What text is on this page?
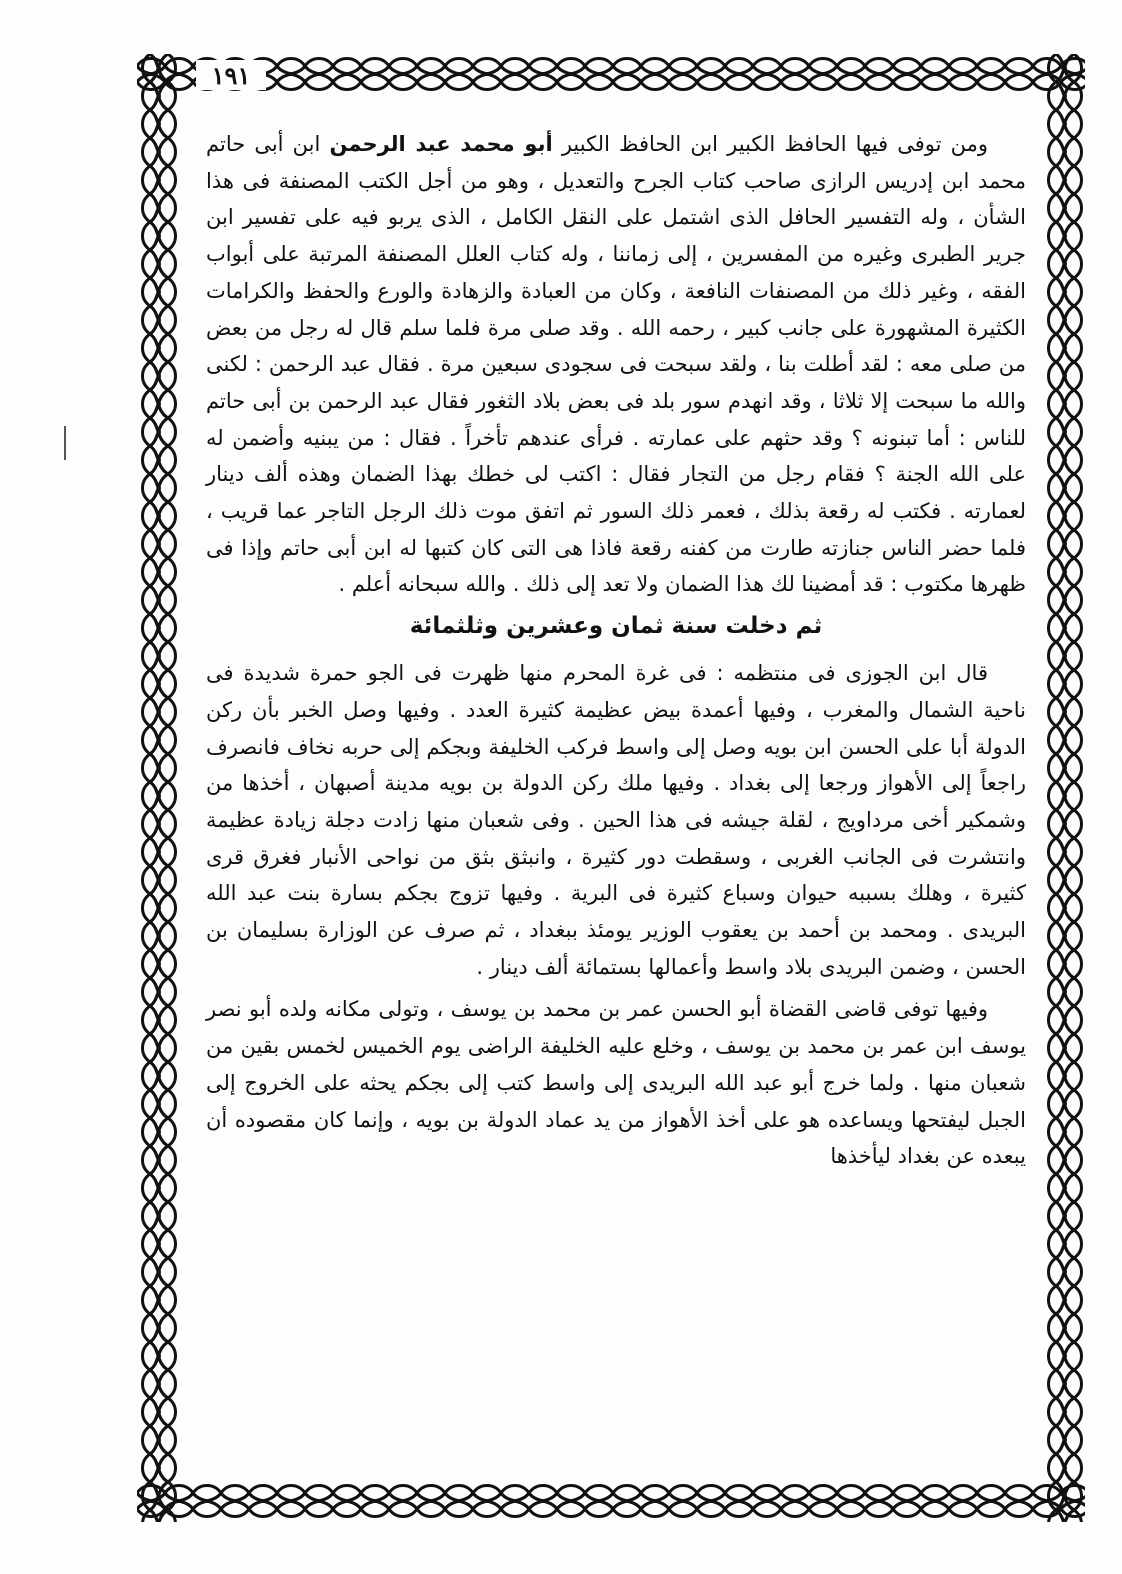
١٩١

ومن توفى فيها الحافظ الكبير ابن الحافظ الكبير أبو محمد عبد الرحمن ابن أبى حاتم محمد ابن إدريس الرازى صاحب كتاب الجرح والتعديل ، وهو من أجل الكتب المصنفة فى هذا الشأن ، وله التفسير الحافل الذى اشتمل على النقل الكامل ، الذى يربو فيه على تفسير ابن جرير الطبرى وغيره من المفسرين ، إلى زماننا ، وله كتاب العلل المصنفة المرتبة على أبواب الفقه ، وغير ذلك من المصنفات النافعة ، وكان من العبادة والزهادة والورع والحفظ والكرامات الكثيرة المشهورة على جانب كبير ، رحمه الله . وقد صلى مرة فلما سلم قال له رجل من بعض من صلى معه : لقد أطلت بنا ، ولقد سبحت فى سجودى سبعين مرة . فقال عبد الرحمن : لكنى والله ما سبحت إلا ثلاثا ، وقد انهدم سور بلد فى بعض بلاد الثغور فقال عبد الرحمن بن أبى حاتم للناس : أما تبنونه ؟ وقد حثهم على عمارته . فرأى عندهم تأخراً . فقال : من يبنيه وأضمن له على الله الجنة ؟ فقام رجل من التجار فقال : اكتب لى خطك بهذا الضمان وهذه ألف دينار لعمارته . فكتب له رقعة بذلك ، فعمر ذلك السور ثم اتفق موت ذلك الرجل التاجر عما قريب ، فلما حضر الناس جنازته طارت من كفنه رقعة فاذا هى التى كان كتبها له ابن أبى حاتم وإذا فى ظهرها مكتوب : قد أمضينا لك هذا الضمان ولا تعد إلى ذلك . والله سبحانه أعلم .

ثم دخلت سنة ثمان وعشرين وثلثمائة

قال ابن الجوزى فى منتظمه : فى غرة المحرم منها ظهرت فى الجو حمرة شديدة فى ناحية الشمال والمغرب ، وفيها أعمدة بيض عظيمة كثيرة العدد . وفيها وصل الخبر بأن ركن الدولة أبا على الحسن ابن بويه وصل إلى واسط فركب الخليفة وبجكم إلى حربه نخاف فانصرف راجعاً إلى الأهواز ورجعا إلى بغداد . وفيها ملك ركن الدولة بن بويه مدينة أصبهان ، أخذها من وشمكير أخى مرداويج ، لقلة جيشه فى هذا الحين . وفى شعبان منها زادت دجلة زيادة عظيمة وانتشرت فى الجانب الغربى ، وسقطت دور كثيرة ، وانبثق بثق من نواحى الأنبار فغرق قرى كثيرة ، وهلك بسببه حيوان وسباع كثيرة فى البرية . وفيها تزوج بجكم بسارة بنت عبد الله البريدى . ومحمد بن أحمد بن يعقوب الوزير يومئذ ببغداد ، ثم صرف عن الوزارة بسليمان بن الحسن ، وضمن البريدى بلاد واسط وأعمالها بستمائة ألف دينار .

وفيها توفى قاضى القضاة أبو الحسن عمر بن محمد بن يوسف ، وتولى مكانه ولده أبو نصر يوسف ابن عمر بن محمد بن يوسف ، وخلع عليه الخليفة الراضى يوم الخميس لخمس بقين من شعبان منها . ولما خرج أبو عبد الله البريدى إلى واسط كتب إلى بجكم يحثه على الخروج إلى الجبل ليفتحها ويساعده هو على أخذ الأهواز من يد عماد الدولة بن بويه ، وإنما كان مقصوده أن يبعده عن بغداد ليأخذها
